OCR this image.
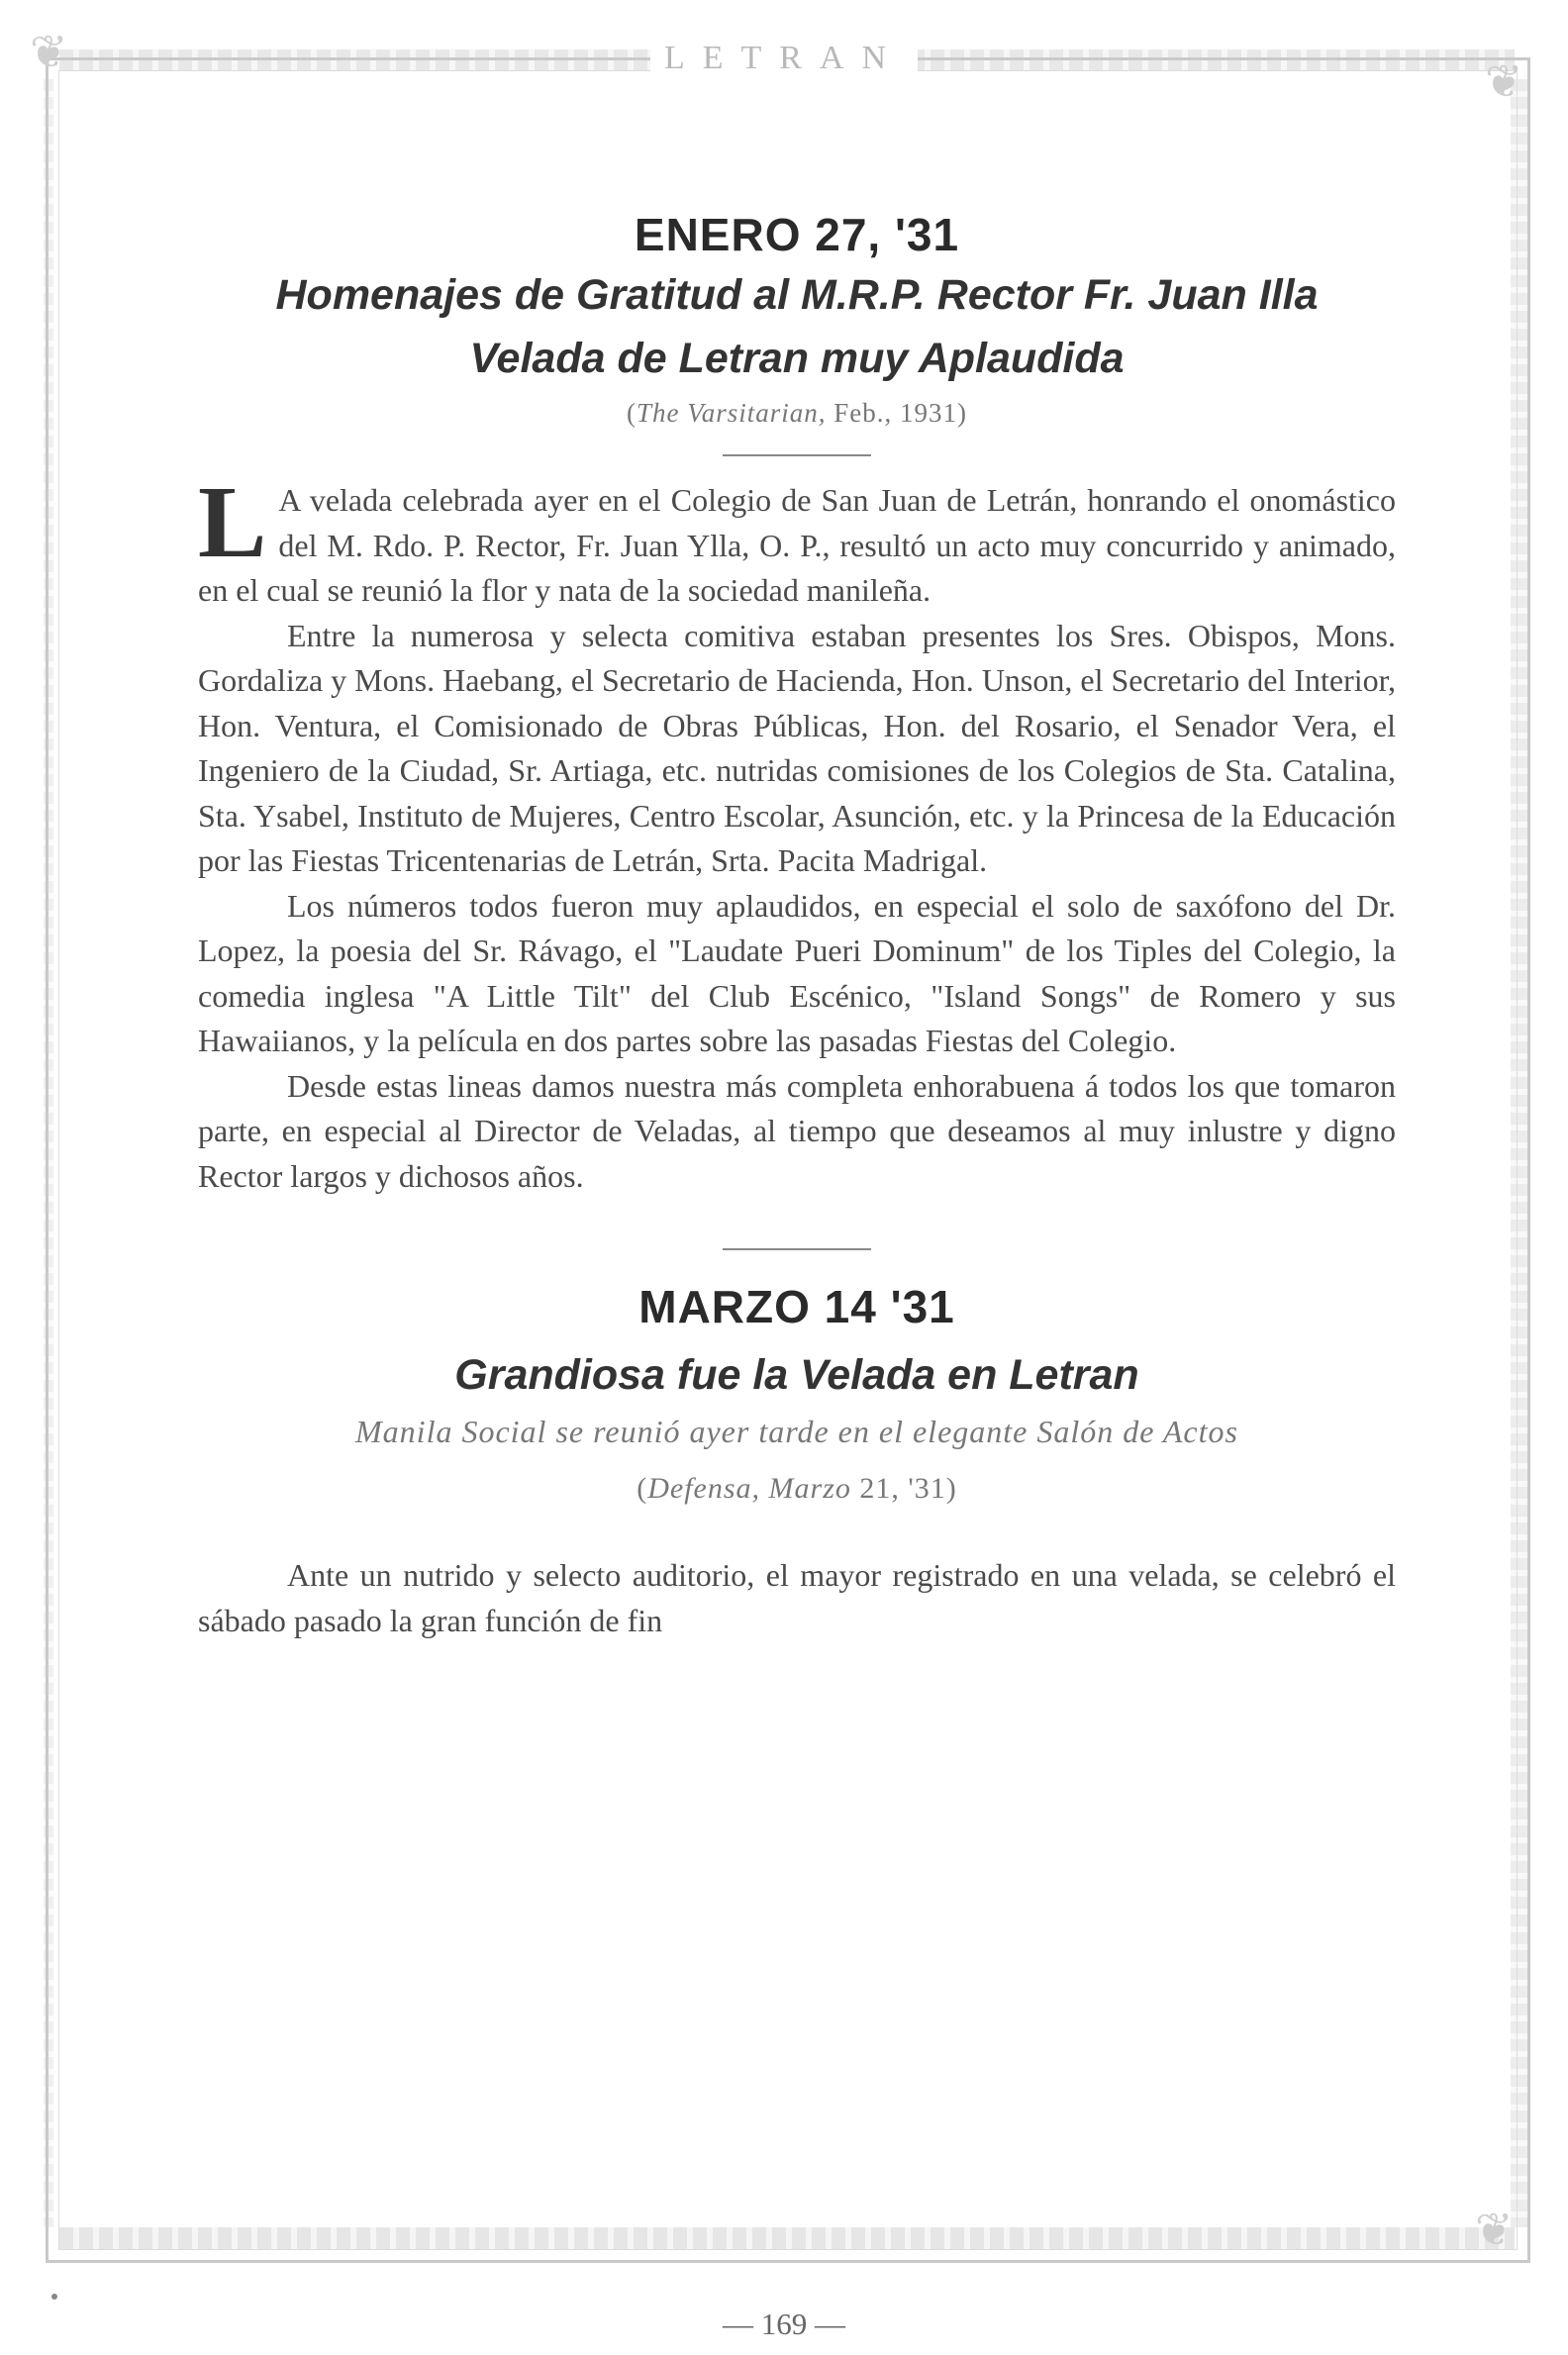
❦
❦
❦
LETRAN
ENERO 27, '31
Homenajes de Gratitud al M.R.P. Rector Fr. Juan Illa
Velada de Letran muy Aplaudida
(The Varsitarian, Feb., 1931)

L A velada celebrada ayer en el Colegio de San Juan de Letrán, honrando el onomástico del M. Rdo. P. Rector, Fr. Juan Ylla, O. P., resultó un acto muy concurrido y animado, en el cual se reunió la flor y nata de la sociedad manileña.

Entre la numerosa y selecta comitiva estaban presentes los Sres. Obispos, Mons. Gordaliza y Mons. Haebang, el Secretario de Hacienda, Hon. Unson, el Secretario del Interior, Hon. Ventura, el Comisionado de Obras Públicas, Hon. del Rosario, el Senador Vera, el Ingeniero de la Ciudad, Sr. Artiaga, etc. nutridas comisiones de los Colegios de Sta. Catalina, Sta. Ysabel, Instituto de Mujeres, Centro Escolar, Asunción, etc. y la Princesa de la Educación por las Fiestas Tricentenarias de Letrán, Srta. Pacita Madrigal.

Los números todos fueron muy aplaudidos, en especial el solo de saxófono del Dr. Lopez, la poesia del Sr. Rávago, el "Laudate Pueri Dominum" de los Tiples del Colegio, la comedia inglesa "A Little Tilt" del Club Escénico, "Island Songs" de Romero y sus Hawaiianos, y la película en dos partes sobre las pasadas Fiestas del Colegio.

Desde estas lineas damos nuestra más completa enhorabuena á todos los que tomaron parte, en especial al Director de Veladas, al tiempo que deseamos al muy inlustre y digno Rector largos y dichosos años.

MARZO 14 '31
Grandiosa fue la Velada en Letran
Manila Social se reunió ayer tarde en el elegante Salón de Actos
(Defensa, Marzo 21, '31)

Ante un nutrido y selecto auditorio, el mayor registrado en una velada, se celebró el sábado pasado la gran función de fin

— 169 —
